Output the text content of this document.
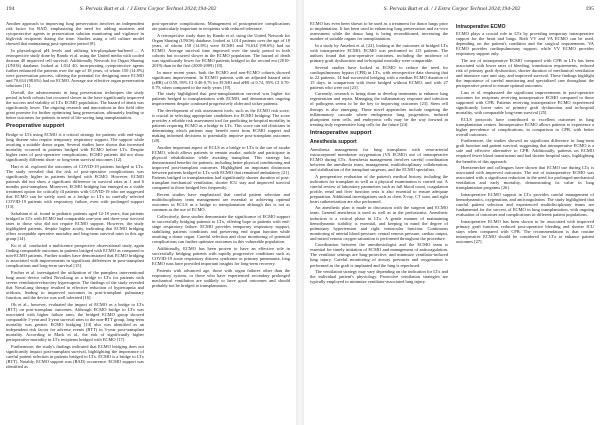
194	S. Pervaiz Butt et al. / J Extra Corpor Technol 2024;194-202

Another approach to improving lung preservation involves an independent risk factor for BAD, emphasizing the need for adding nutrients and cytoprotective agents to preservation solution monitoring and vigilance in high-risk recipients during the time. Studies using a cell culture model showed that maintaining post-operative period [8].

In physiological pH levels and utilizing tris-phosphate-buffered ... A retrospective study done by Rando et al. using the United media with cooled dextran 40 improved cell survival. Additionally Network for Organ Sharing (UNOS) database, looked at 1,014 40, incorporating cytoprotective agents further enhanced the patients over the age of 18 years, of whom 150 (14.8%) were preservation process, offering the potential for designing more ECMO and 70,634 (98.6%) had no ECMO. Average use effective organ preservation solutions [11].

Overall, the advancements in lung preservation techniques the study period in both cohorts but occurred slower in the have significantly improved the success and viability of LTx ECMO population. The hazard of death was significantly lower. The ongoing research and innovations in this field offer great promise for further optimizing lung preservation, ultimately leading to better outcomes for patients in need of life-saving lung transplantation.

Preoperative support

Bridge to LTx using ECMO is a critical strategy for patients with end-stage lung disease who require temporary respiratory support. The support while awaiting a suitable donor organ. Several studies have shown that increased mortality occurred in patients bridged with ECMO before LTx. Despite higher rates of post-operative complications, ECMO patients did not show significantly different short- or long-term survival outcomes [12].

Hart et al. explored the outcomes of COVID-19 patients bridged to LTx. The study revealed that the risk of post-operative complications was significantly higher in patients bridged with ECMO. However, ECMO patients did not show a significant difference in survival rates at 1 and 6 months post-transplant. Moreover, ECMO bridging has emerged as a viable treatment option for critically ill patients with COVID-19 who are suggested that ECMO can be safely used as a bridge to LTx in carefully selected COVID-19 patients with respiratory failure, even with prolonged support [13].

Salsabian et al. found in pediatric patients aged 12-18 years, that patients bridged to LTx with ECMO had comparable one-year and three-year survival rates to those who did not require ECMO support. However, the study highlighted patients, despite higher acuity, indicating that ECMO bridging offers acceptable operative mortality and long-term survival rates in this age group [14].

Ko et al. conducted a multicentre prospective observational study, again finding comparable outcomes in patients bridged with ECMO as compared to non-ECMO patients. Further studies have demonstrated that ECMO bridging is associated with improvements in significant differences in post-transplant complications and long-term survival [15].

Fischer et al. investigated the utilization of the pumpless interventional lung assist device called NovaLung as a bridge to LTx for patients with severe ventilation-refractory hypercapnia. The findings of the study revealed that NovaLung therapy resulted in effective reduction of hypercapnia and acidosis, leading to improved outcomes in post-transplant pulmonary function, and the device was well tolerated [16].

Oh et al., however, evaluated the impact of ECMO as a bridge to LTx (BTT) on post-transplant outcomes. Although ECMO bridge to LTx was associated with higher failure rates, the bridged ECMO group showed comparable 1-year and 3-year survival rates to the non-BTT group, long-term mortality was greater. ECMO bridging [14] also was identified as an independent risk factor for adverse events (BTT) in 3-year post-transplant mortality. According to Mack et al., the risk of significantly higher perioperative mortality in LTx recipients bridged with ECMO [17].

Furthermore, the study's findings indicated that ECMO bridging does not significantly impact post-transplant survival, highlighting the importance of careful patient selection in patients bridged to LTx. ECMO is a bridge to LTx (BTT). Notably, ECMO support was (BAD) occurrence. ECMO support was identified as

post-operative complications. Management of postoperative complications are particularly important in recipients with reduced tolerance.

A retrospective study done by Rando et al. using the United Network for Organ Sharing (UNOS) database, looked at 1,014 patients over the age of 18 years, of whom 150 (14.8%) were ECMO and 70,634 (98.6%) had no ECMO. Average survival time improved over the study period in both cohorts but occurred slower in the ECMO population. The hazard of death was significantly lower for ECMO patients bridged in the second era (2010-2019) than in the first (2000-2009) [18].

In more recent years, both the ECMO and non-ECMO cohorts showed significant improvement. In ECMO patients with an adjusted hazard ratio (aHR) of 0.59, 95% CI 0.46-0.76 for ECMO and aHR of 0.74, 95% CI 0.70-0.79, when compared to the early years [19].

The study highlighted that post-transplantation survival was higher for patients bridged to transplantation with ECMO, and demonstrates ongoing improvement despite continued progressively older and sicker patients.

The development of risk assessment tools, such as the ECMO risk score, is crucial in selecting appropriate candidates for ECMO bridging. The score provides a reliable risk assessment tool for predicting in-hospital mortality in patients requiring ECMO as a bridge to LTx. This score can aid clinicians in determining which patients may benefit most from ECMO support and making informed decisions to potentially improve post-transplant outcomes [20].

Another important aspect of ECLS as a bridge to LTx is the use of awake ECMO, which allows patients to remain awake, mobile and participate in physical rehabilitation while awaiting transplant. This strategy has demonstrated benefits for patients, including better physical conditioning and improved post-transplant outcomes. Highlighted an important distinction between patients bridged to LTx with ECMO that remained ambulatory [21]. Patients bridged to transplantation had significantly shorter duration of post-transplant mechanical ventilation, shorter ICU stay and improved survival compared to those bridged less frequently.

Recent studies have emphasized that careful patient selection and multidisciplinary team management are essential to achieving optimal outcomes in ECLS as a bridge to transplantation although this is not as common as the use of ECMO.

Collectively, these studies demonstrate the significance of ECMO support in successfully bridging patients to LTx, offering hope to patients with end-stage respiratory failure. ECMO provides temporary respiratory support, stabilizing patients conditions and preserving end organ function while awaiting a donor organ. Careful selection and close monitoring of potential complications can further optimize outcomes in this vulnerable population.

Additionally, ECMO has been proven to have an effective role in successfully bridging patients with rapidly progressive conditions such as COVID-19 acute respiratory distress syndrome or primary pneumonia, long ECMO runs have provided important insights for long-term recovery.

Patients with advanced age, those with organ failures other than the respiratory system, or those who have experienced secondary prolonged mechanical ventilation are unlikely to have good outcomes and should probably not be bridged to transplantation.

S. Pervaiz Butt et al. / J Extra Corpor Technol 2024;194-202	195

ECMO has even been shown to be used as a treatment for donor lungs prior to implantation. It has been used in enhancing lung preservation and ex-vivo assessment while the donor lung is being reconditioned, increasing the number of suitable organs for transplantation.

In a study by Anselmi et al. [22], looking at the outcomes of bridged LTx with intraoperative ECMO, ECMO was performed in 115 patients. The authors found that post-operative outcomes, including the incidence of primary graft dysfunction and in-hospital mortality were comparable.

Several studies have looked at ECMO to reduce the need for cardiopulmonary bypass (CPB) in LTx, with retrospective data showing that in 22 patients, 14 had successful bridging with a median ECMO duration of 15 days, in comparison with those bridged without ECMO, and with 27 patients who were not [23].

Currently, research is being done to develop treatments to enhance lung regeneration and repair. Managing the inflammatory response and infection of pathogens seems to be the key to improving outcomes [23]. Stem cell therapy is also emerging. These novel approaches include targeting the inflammatory cascade where endogenous lung progenitors, induced pluripotent stem cells, and embryonic cells may be the way forward in treating truly regenerative lung cells for the future [24].

Intraoperative support
Anesthesia support

Anesthesia management for lung transplants with veno-arterial extracorporeal membrane oxygenation (VA ECMO) use of intraoperative ECMO during LTx. Anesthesia management involves careful coordination between the anesthesia team, management, multidisciplinary collaboration, and stabilization of the transplant surgeons, and the ECMO specialists.

A preoperative evaluation of the patient's medical history, including the indication for transplant as well as a physical examination is carried out. A careful review of laboratory parameters such as full blood count, coagulation profile, renal and liver function tests is also essential to ensure adequate preparation. Additional investigations such as chest X-ray, CT scan, and right heart catheterization are also performed.

An anesthetic plan is made in discussion with the surgeon and ECMO team. General anesthesia is used as well as in the perfusionist. Anesthetic induction is a critical phase in LTx. A gentle manner of maintaining hemodynamic stability is essential, and keeping in mind the degree of pulmonary hypertension and right ventricular function. Continuous monitoring of arterial blood pressure, central venous pressure, cardiac output, and mixed venous oxygen saturation is performed throughout the procedure.

Coordination between the anesthesiologist and the ECMO team is essential for timely initiation of ECMO and management of anticoagulation. The ventilator settings are lung-protective, and minimize ventilator-induced lung injury. Careful monitoring of airway pressures and oxygenation is performed as the graft is implanted and the lung is reperfused.

The ventilation strategy may vary depending on the indication for LTx and the individual patient's physiology. Protective ventilation strategies are typically employed to minimize ventilator-associated lung injury.

Intraoperative ECMO

ECMO plays a crucial role in LTx by providing temporary intraoperative support for the heart and lungs. Both VV and VA ECMO can be used, depending on the patient's condition and the surgical requirements. VA ECMO provides cardiopulmonary support, while VV ECMO provides respiratory support only.

The use of intraoperative ECMO compared with CPB in LTx has been associated with lower rates of bleeding, transfusion requirements, reduced risk of primary graft dysfunction, shorter duration of mechanical ventilation and intensive care unit stay, and improved survival. These findings highlight the importance of careful monitoring and specialized care throughout the perioperative period to ensure optimal outcomes.

Lass et al. emphasized the significant improvements in post-operative outcomes for recipients receiving intraoperative ECMO compared to those supported with CPB. Patients receiving intraoperative ECMO experienced significantly lower rates of primary graft dysfunction and in-hospital mortality, with comparable long-term survival [25].

ECLS protocols have contributed to excellent outcomes in lung transplantation centres. Intraoperative ECMO allows patients to experience a higher prevalence of complications, in comparison to CPB, with better overall outcomes.

Furthermore, the studies showed no significant difference in long-term graft function and patient survival, suggesting that intraoperative ECMO is a safe and effective alternative to CPB. Additionally, patients on ECMO required fewer blood transfusions and had shorter hospital stays, highlighting the benefits of this approach.

Hoetzenecker and colleagues have shown that ECMO use during LTx is associated with improved outcomes. The use of intraoperative ECMO was associated with a significant reduction in the need for prolonged mechanical ventilation and early mortality, demonstrating its value in lung transplantation programs [26].

Intraoperative ECMO support in LTx provides careful management of hemodynamics, oxygenation, and anticoagulation. The study highlighted that careful patient selection and experienced multidisciplinary teams are fundamental for the success of ECMO in lung transplantation, with ongoing evaluation of outcomes and complications in different patient populations.

Intraoperative ECMO has been shown to be associated with improved primary graft function, reduced post-operative bleeding and shorter ICU stays when compared with CPB. The recommendation is that routine intraoperative ECMO should be considered for LTx to enhance patient outcomes [27].
